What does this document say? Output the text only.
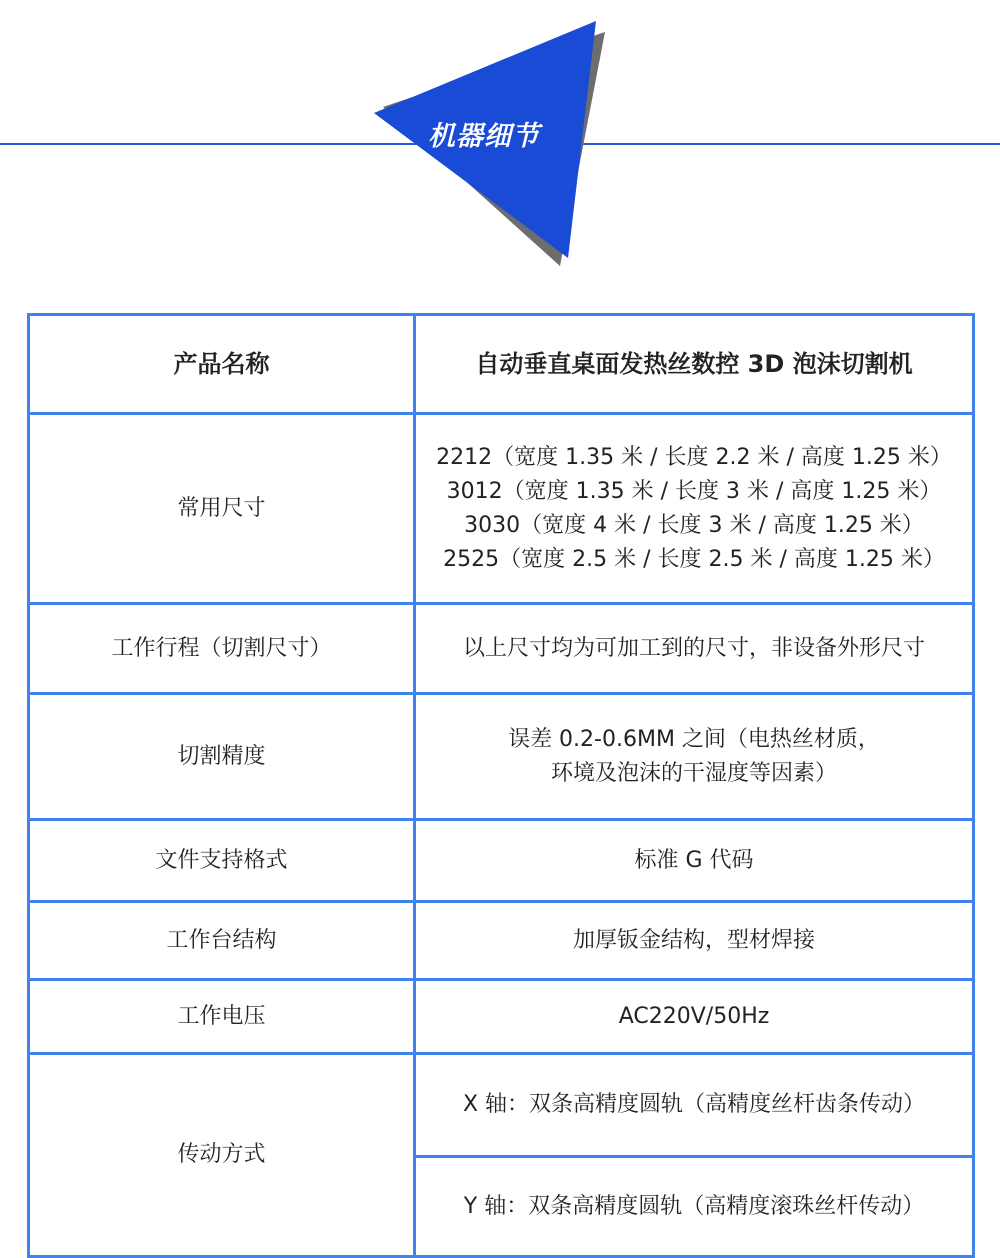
机器细节
产品名称	自动垂直桌面发热丝数控 3D 泡沫切割机
常用尺寸	2212（宽度 1.35 米 / 长度 2.2 米 / 高度 1.25 米）
3012（宽度 1.35 米 / 长度 3 米 / 高度 1.25 米）
3030（宽度 4 米 / 长度 3 米 / 高度 1.25 米）
2525（宽度 2.5 米 / 长度 2.5 米 / 高度 1.25 米）

工作行程（切割尺寸）	以上尺寸均为可加工到的尺寸，非设备外形尺寸
切割精度	误差 0.2-0.6MM 之间（电热丝材质，
环境及泡沫的干湿度等因素）

文件支持格式	标准 G 代码
工作台结构	加厚钣金结构，型材焊接
工作电压	AC220V/50Hz
传动方式	X 轴：双条高精度圆轨（高精度丝杆齿条传动）
	Y 轴：双条高精度圆轨（高精度滚珠丝杆传动）
